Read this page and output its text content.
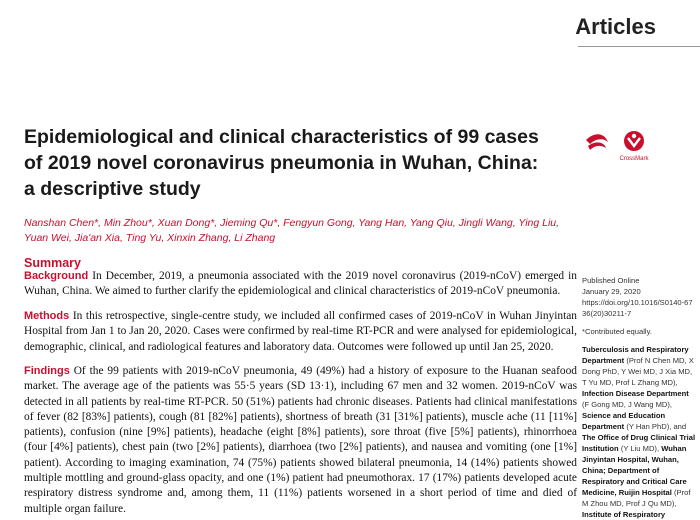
Articles
Epidemiological and clinical characteristics of 99 cases of 2019 novel coronavirus pneumonia in Wuhan, China: a descriptive study
CrossMark
Nanshan Chen*, Min Zhou*, Xuan Dong*, Jieming Qu*, Fengyun Gong, Yang Han, Yang Qiu, Jingli Wang, Ying Liu, Yuan Wei, Jia'an Xia, Ting Yu, Xinxin Zhang, Li Zhang
Summary

Background In December, 2019, a pneumonia associated with the 2019 novel coronavirus (2019-nCoV) emerged in Wuhan, China. We aimed to further clarify the epidemiological and clinical characteristics of 2019-nCoV pneumonia.

Methods In this retrospective, single-centre study, we included all confirmed cases of 2019-nCoV in Wuhan Jinyintan Hospital from Jan 1 to Jan 20, 2020. Cases were confirmed by real-time RT-PCR and were analysed for epidemiological, demographic, clinical, and radiological features and laboratory data. Outcomes were followed up until Jan 25, 2020.

Findings Of the 99 patients with 2019-nCoV pneumonia, 49 (49%) had a history of exposure to the Huanan seafood market. The average age of the patients was 55·5 years (SD 13·1), including 67 men and 32 women. 2019-nCoV was detected in all patients by real-time RT-PCR. 50 (51%) patients had chronic diseases. Patients had clinical manifestations of fever (82 [83%] patients), cough (81 [82%] patients), shortness of breath (31 [31%] patients), muscle ache (11 [11%] patients), confusion (nine [9%] patients), headache (eight [8%] patients), sore throat (five [5%] patients), rhinorrhoea (four [4%] patients), chest pain (two [2%] patients), diarrhoea (two [2%] patients), and nausea and vomiting (one [1%] patient). According to imaging examination, 74 (75%) patients showed bilateral pneumonia, 14 (14%) patients showed multiple mottling and ground-glass opacity, and one (1%) patient had pneumothorax. 17 (17%) patients developed acute respiratory distress syndrome and, among them, 11 (11%) patients worsened in a short period of time and died of multiple organ failure.

Published Online
January 29, 2020
https://doi.org/10.1016/S0140-6736(20)30211-7
*Contributed equally.
Tuberculosis and Respiratory Department (Prof N Chen MD, X Dong PhD, Y Wei MD, J Xia MD, T Yu MD, Prof L Zhang MD), Infection Disease Department (F Gong MD, J Wang MD), Science and Education Department (Y Han PhD), and The Office of Drug Clinical Trial Institution (Y Liu MD), Wuhan Jinyintan Hospital, Wuhan, China; Department of Respiratory and Critical Care Medicine, Ruijin Hospital (Prof M Zhou MD, Prof J Qu MD), Institute of Respiratory
